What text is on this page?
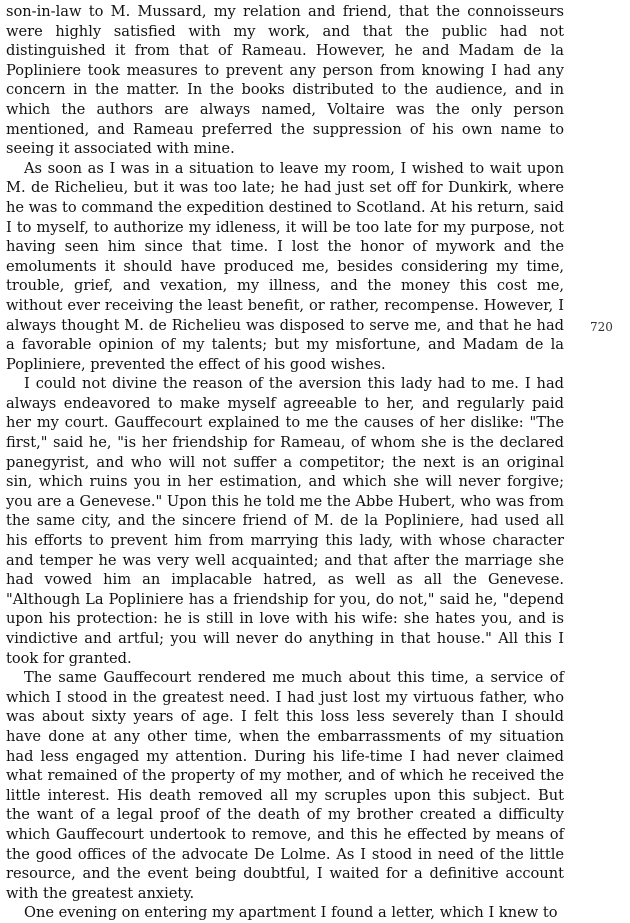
son-in-law to M. Mussard, my relation and friend, that the connoisseurs were highly satisfied with my work, and that the public had not distinguished it from that of Rameau. However, he and Madam de la Popliniere took measures to prevent any person from knowing I had any concern in the matter. In the books distributed to the audience, and in which the authors are always named, Voltaire was the only person mentioned, and Rameau preferred the suppression of his own name to seeing it associated with mine.

As soon as I was in a situation to leave my room, I wished to wait upon M. de Richelieu, but it was too late; he had just set off for Dunkirk, where he was to command the expedition destined to Scotland. At his return, said I to myself, to authorize my idleness, it will be too late for my purpose, not having seen him since that time. I lost the honor of mywork and the emoluments it should have produced me, besides considering my time, trouble, grief, and vexation, my illness, and the money this cost me, without ever receiving the least benefit, or rather, recompense. However, I always thought M. de Richelieu was disposed to serve me, and that he had a favorable opinion of my talents; but my misfortune, and Madam de la Popliniere, prevented the effect of his good wishes.

I could not divine the reason of the aversion this lady had to me. I had always endeavored to make myself agreeable to her, and regularly paid her my court. Gauffecourt explained to me the causes of her dislike: "The first," said he, "is her friendship for Rameau, of whom she is the declared panegyrist, and who will not suffer a competitor; the next is an original sin, which ruins you in her estimation, and which she will never forgive; you are a Genevese." Upon this he told me the Abbe Hubert, who was from the same city, and the sincere friend of M. de la Popliniere, had used all his efforts to prevent him from marrying this lady, with whose character and temper he was very well acquainted; and that after the marriage she had vowed him an implacable hatred, as well as all the Genevese. "Although La Popliniere has a friendship for you, do not," said he, "depend upon his protection: he is still in love with his wife: she hates you, and is vindictive and artful; you will never do anything in that house." All this I took for granted.

The same Gauffecourt rendered me much about this time, a service of which I stood in the greatest need. I had just lost my virtuous father, who was about sixty years of age. I felt this loss less severely than I should have done at any other time, when the embarrassments of my situation had less engaged my attention. During his life-time I had never claimed what remained of the property of my mother, and of which he received the little interest. His death removed all my scruples upon this subject. But the want of a legal proof of the death of my brother created a difficulty which Gauffecourt undertook to remove, and this he effected by means of the good offices of the advocate De Lolme. As I stood in need of the little resource, and the event being doubtful, I waited for a definitive account with the greatest anxiety.

One evening on entering my apartment I found a letter, which I knew to

720
